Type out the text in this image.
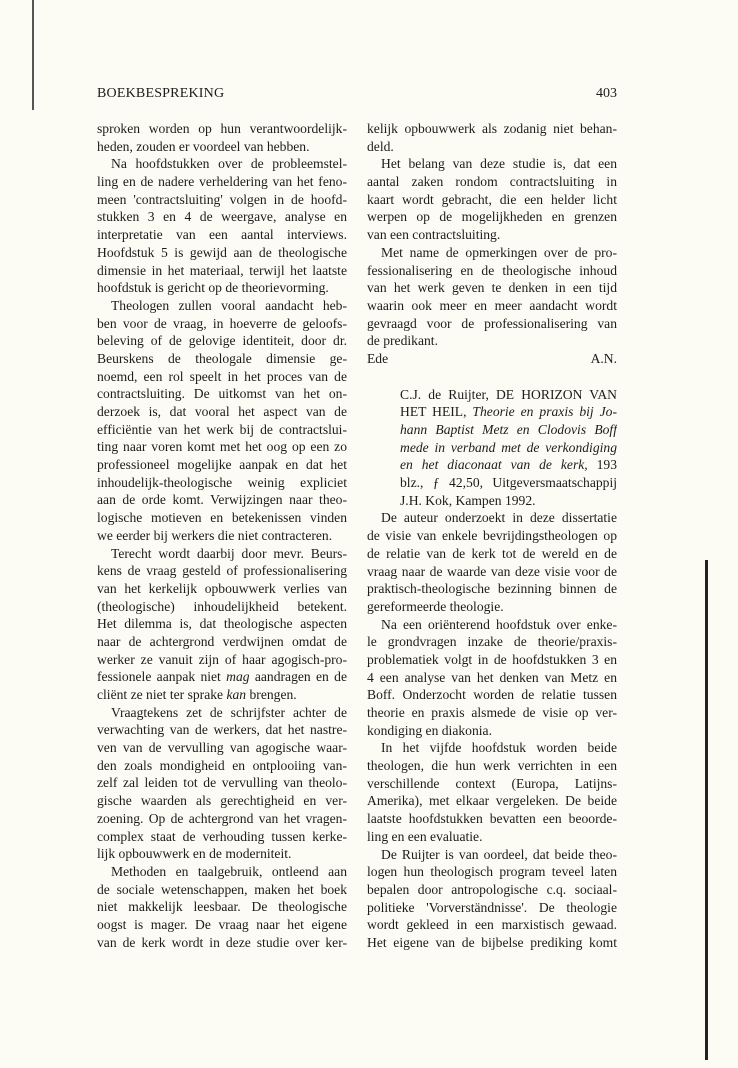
BOEKBESPREKING	403
sproken worden op hun verantwoordelijk-
heden, zouden er voordeel van hebben.
Na hoofdstukken over de probleemstel-
ling en de nadere verheldering van het feno-
meen 'contractsluiting' volgen in de hoofd-
stukken 3 en 4 de weergave, analyse en
interpretatie van een aantal interviews.
Hoofdstuk 5 is gewijd aan de theologische
dimensie in het materiaal, terwijl het laatste
hoofdstuk is gericht op de theorievorming.
Theologen zullen vooral aandacht heb-
ben voor de vraag, in hoeverre de geloofs-
beleving of de gelovige identiteit, door dr.
Beurskens de theologale dimensie ge-
noemd, een rol speelt in het proces van de
contractsluiting. De uitkomst van het on-
derzoek is, dat vooral het aspect van de
efficiëntie van het werk bij de contractslui-
ting naar voren komt met het oog op een zo
professioneel mogelijke aanpak en dat het
inhoudelijk-theologische weinig expliciet
aan de orde komt. Verwijzingen naar theo-
logische motieven en betekenissen vinden
we eerder bij werkers die niet contracteren.
Terecht wordt daarbij door mevr. Beurs-
kens de vraag gesteld of professionalisering
van het kerkelijk opbouwwerk verlies van
(theologische) inhoudelijkheid betekent.
Het dilemma is, dat theologische aspecten
naar de achtergrond verdwijnen omdat de
werker ze vanuit zijn of haar agogisch-pro-
fessionele aanpak niet mag aandragen en de
cliënt ze niet ter sprake kan brengen.
Vraagtekens zet de schrijfster achter de
verwachting van de werkers, dat het nastre-
ven van de vervulling van agogische waar-
den zoals mondigheid en ontplooiing van-
zelf zal leiden tot de vervulling van theolo-
gische waarden als gerechtigheid en ver-
zoening. Op de achtergrond van het vragen-
complex staat de verhouding tussen kerke-
lijk opbouwwerk en de moderniteit.
Methoden en taalgebruik, ontleend aan
de sociale wetenschappen, maken het boek
niet makkelijk leesbaar. De theologische
oogst is mager. De vraag naar het eigene
van de kerk wordt in deze studie over ker-
kelijk opbouwwerk als zodanig niet behan-
deld.
Het belang van deze studie is, dat een
aantal zaken rondom contractsluiting in
kaart wordt gebracht, die een helder licht
werpen op de mogelijkheden en grenzen
van een contractsluiting.
Met name de opmerkingen over de pro-
fessionalisering en de theologische inhoud
van het werk geven te denken in een tijd
waarin ook meer en meer aandacht wordt
gevraagd voor de professionalisering van
de predikant.
Ede	A.N.
C.J. de Ruijter, DE HORIZON VAN
HET HEIL, Theorie en praxis bij Jo-
hann Baptist Metz en Clodovis Boff
mede in verband met de verkondiging
en het diaconaat van de kerk, 193
blz., ƒ 42,50, Uitgeversmaatschappij
J.H. Kok, Kampen 1992.
De auteur onderzoekt in deze dissertatie
de visie van enkele bevrijdingstheologen op
de relatie van de kerk tot de wereld en de
vraag naar de waarde van deze visie voor de
praktisch-theologische bezinning binnen de
gereformeerde theologie.
Na een oriënterend hoofdstuk over enke-
le grondvragen inzake de theorie/praxis-
problematiek volgt in de hoofdstukken 3 en
4 een analyse van het denken van Metz en
Boff. Onderzocht worden de relatie tussen
theorie en praxis alsmede de visie op ver-
kondiging en diakonia.
In het vijfde hoofdstuk worden beide
theologen, die hun werk verrichten in een
verschillende context (Europa, Latijns-
Amerika), met elkaar vergeleken. De beide
laatste hoofdstukken bevatten een beoorde-
ling en een evaluatie.
De Ruijter is van oordeel, dat beide theo-
logen hun theologisch program teveel laten
bepalen door antropologische c.q. sociaal-
politieke 'Vorverständnisse'. De theologie
wordt gekleed in een marxistisch gewaad.
Het eigene van de bijbelse prediking komt
